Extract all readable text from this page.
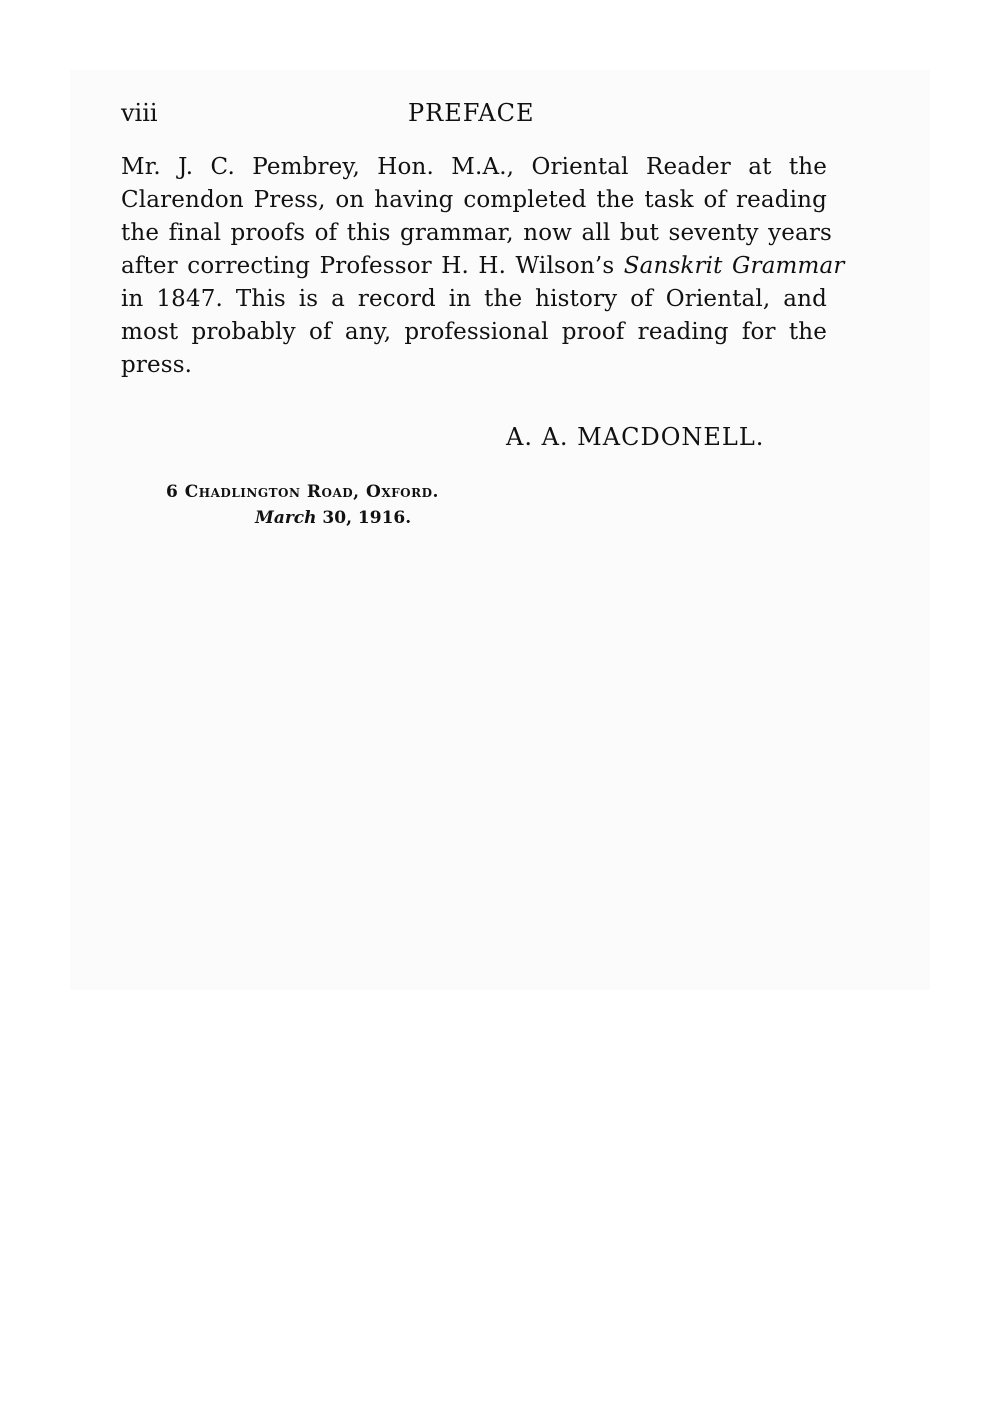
viii	PREFACE

Mr. J. C. Pembrey, Hon. M.A., Oriental Reader at the
Clarendon Press, on having completed the task of reading
the final proofs of this grammar, now all but seventy years
after correcting Professor H. H. Wilson’s Sanskrit Grammar
in 1847. This is a record in the history of Oriental, and
most probably of any, professional proof reading for the
press.

A. A. MACDONELL.
6 Chadlington Road, Oxford.
March 30, 1916.
